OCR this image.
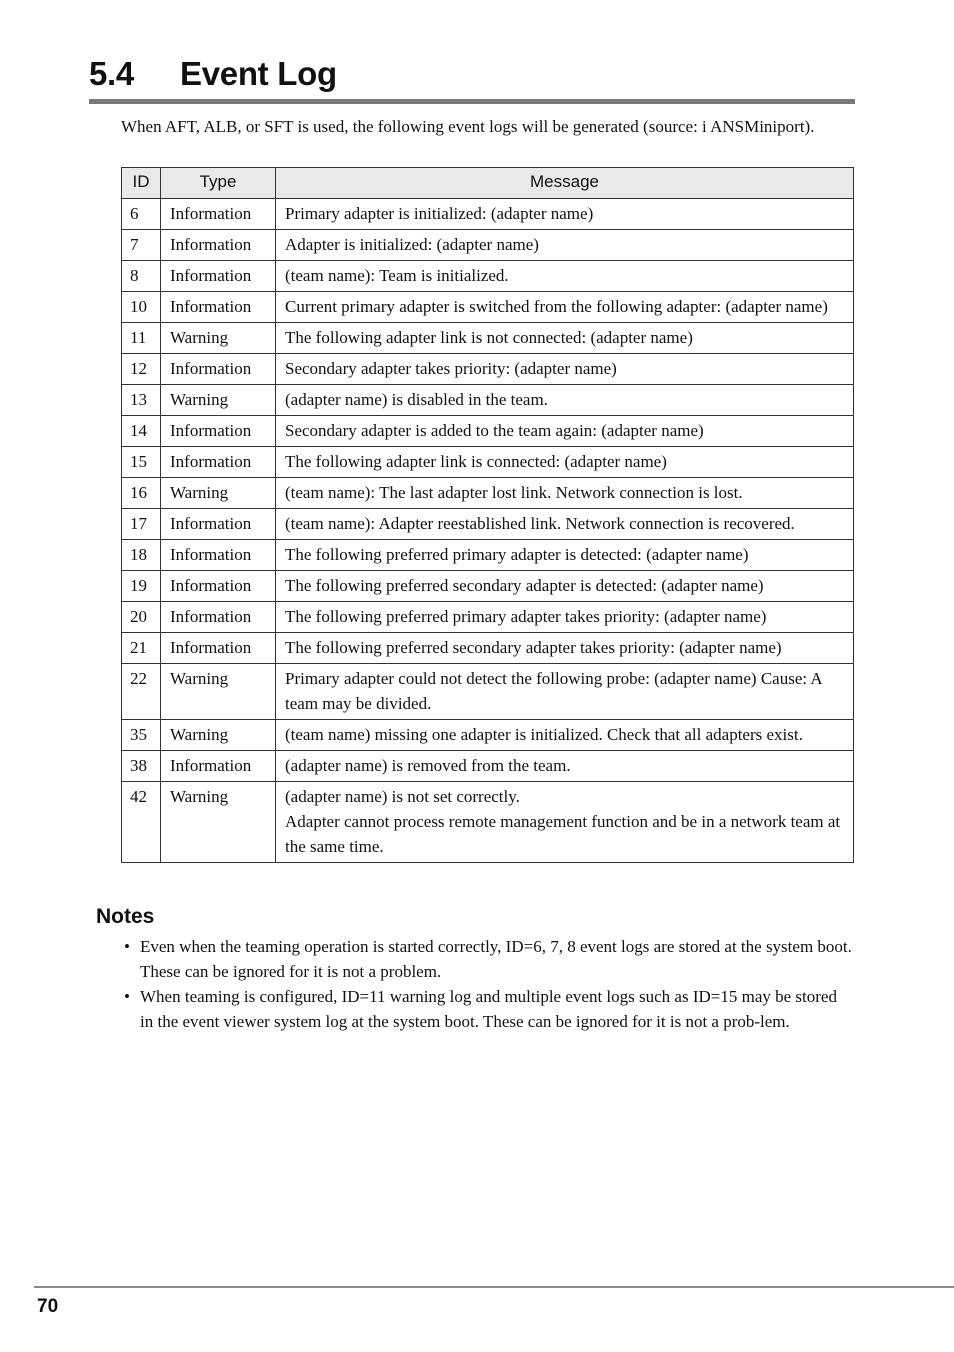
5.4 Event Log

When AFT, ALB, or SFT is used, the following event logs will be generated (source: i ANSMiniport).

ID	Type	Message
6	Information	Primary adapter is initialized: (adapter name)
7	Information	Adapter is initialized: (adapter name)
8	Information	(team name): Team is initialized.
10	Information	Current primary adapter is switched from the following adapter: (adapter name)
11	Warning	The following adapter link is not connected: (adapter name)
12	Information	Secondary adapter takes priority: (adapter name)
13	Warning	(adapter name) is disabled in the team.
14	Information	Secondary adapter is added to the team again: (adapter name)
15	Information	The following adapter link is connected: (adapter name)
16	Warning	(team name): The last adapter lost link. Network connection is lost.
17	Information	(team name): Adapter reestablished link. Network connection is recovered.
18	Information	The following preferred primary adapter is detected: (adapter name)
19	Information	The following preferred secondary adapter is detected: (adapter name)
20	Information	The following preferred primary adapter takes priority: (adapter name)
21	Information	The following preferred secondary adapter takes priority: (adapter name)
22	Warning	Primary adapter could not detect the following probe: (adapter name) Cause: A team may be divided.
35	Warning	(team name) missing one adapter is initialized. Check that all adapters exist.
38	Information	(adapter name) is removed from the team.
42	Warning	(adapter name) is not set correctly.
Adapter cannot process remote management function and be in a network team at the same time.
Notes
• Even when the teaming operation is started correctly, ID=6, 7, 8 event logs are stored at the system boot. These can be ignored for it is not a problem.
• When teaming is configured, ID=11 warning log and multiple event logs such as ID=15 may be stored in the event viewer system log at the system boot. These can be ignored for it is not a prob-lem.
70
